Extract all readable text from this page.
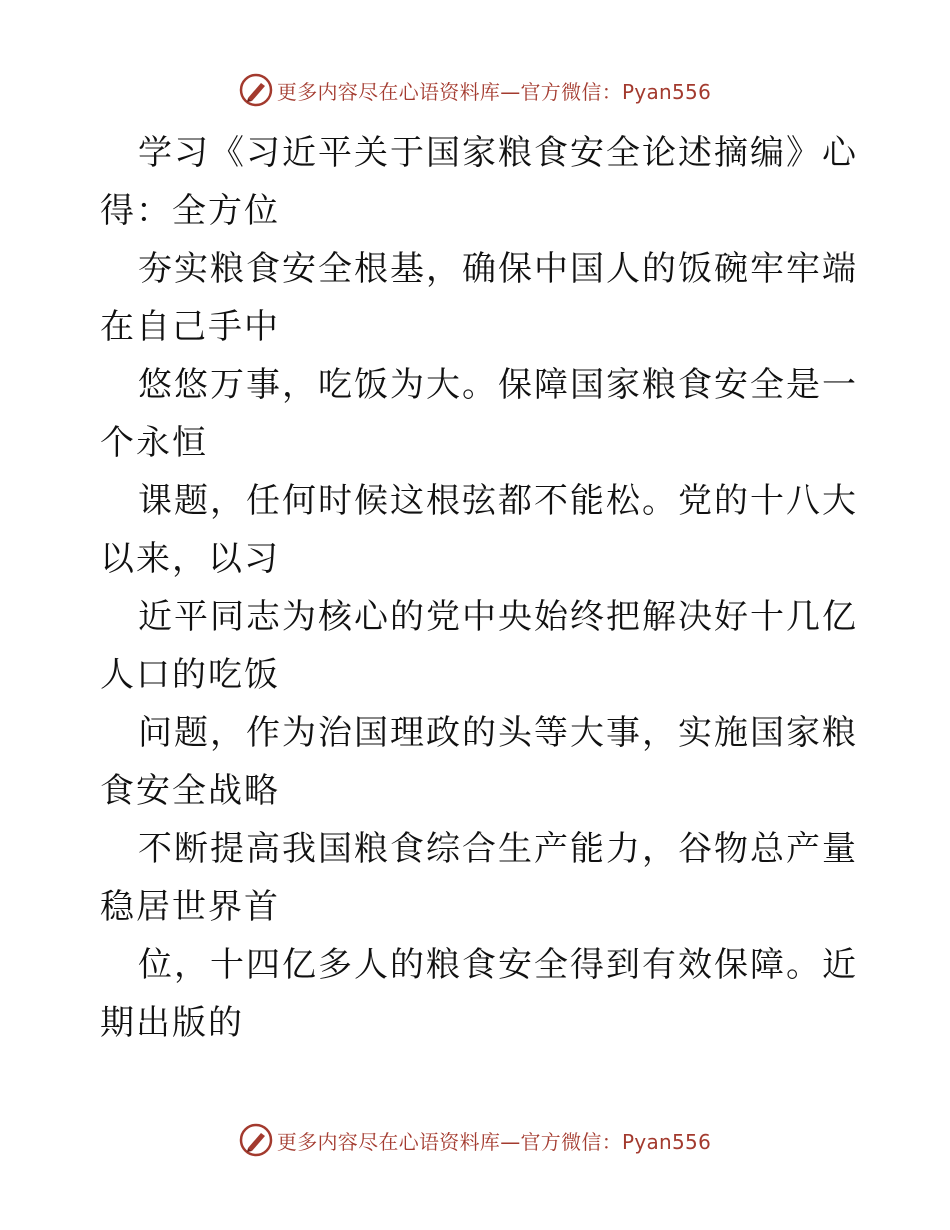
更多内容尽在心语资料库—官方微信：Pyan556

学习《习近平关于国家粮食安全论述摘编》心得：全方位

夯实粮食安全根基，确保中国人的饭碗牢牢端在自己手中

悠悠万事，吃饭为大。保障国家粮食安全是一个永恒

课题，任何时候这根弦都不能松。党的十八大以来，以习

近平同志为核心的党中央始终把解决好十几亿人口的吃饭

问题，作为治国理政的头等大事，实施国家粮食安全战略

不断提高我国粮食综合生产能力，谷物总产量稳居世界首

位，十四亿多人的粮食安全得到有效保障。近期出版的

更多内容尽在心语资料库—官方微信：Pyan556
